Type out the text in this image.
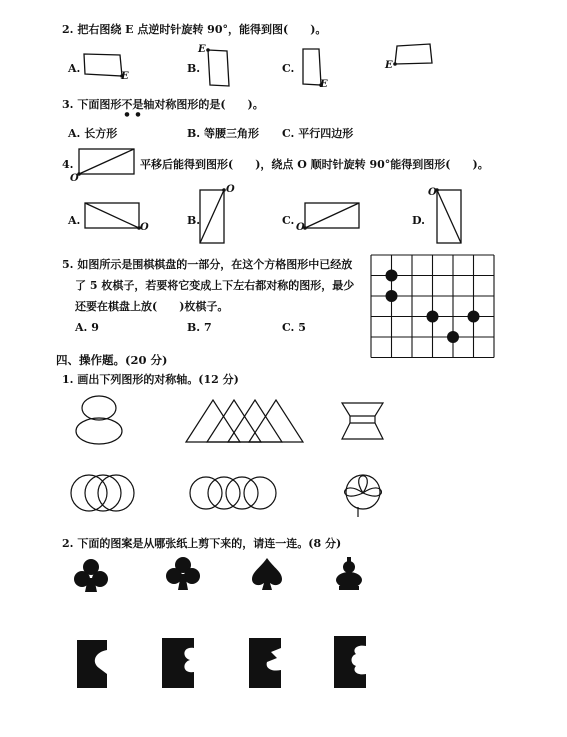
2. 把右图绕 E 点逆时针旋转 90°，能得到图(　　)。
A.
E
B.
E
C.
E
E
3. 下面图形不是轴对称图形的是(　　)。
A. 长方形	B. 等腰三角形 C. 平行四边形
4.
O
平移后能得到图形(　　)，绕点 O 顺时针旋转 90°能得到图形(　　)。
A.
O
B.
O
C.
O
D.
O
5. 如图所示是围棋棋盘的一部分，在这个方格图形中已经放
了 5 枚棋子，若要将它变成上下左右都对称的图形，最少
还要在棋盘上放(　　)枚棋子。
A. 9	B. 7	C. 5
四、操作题。(20 分)
1. 画出下列图形的对称轴。(12 分)
2. 下面的图案是从哪张纸上剪下来的，请连一连。(8 分)
